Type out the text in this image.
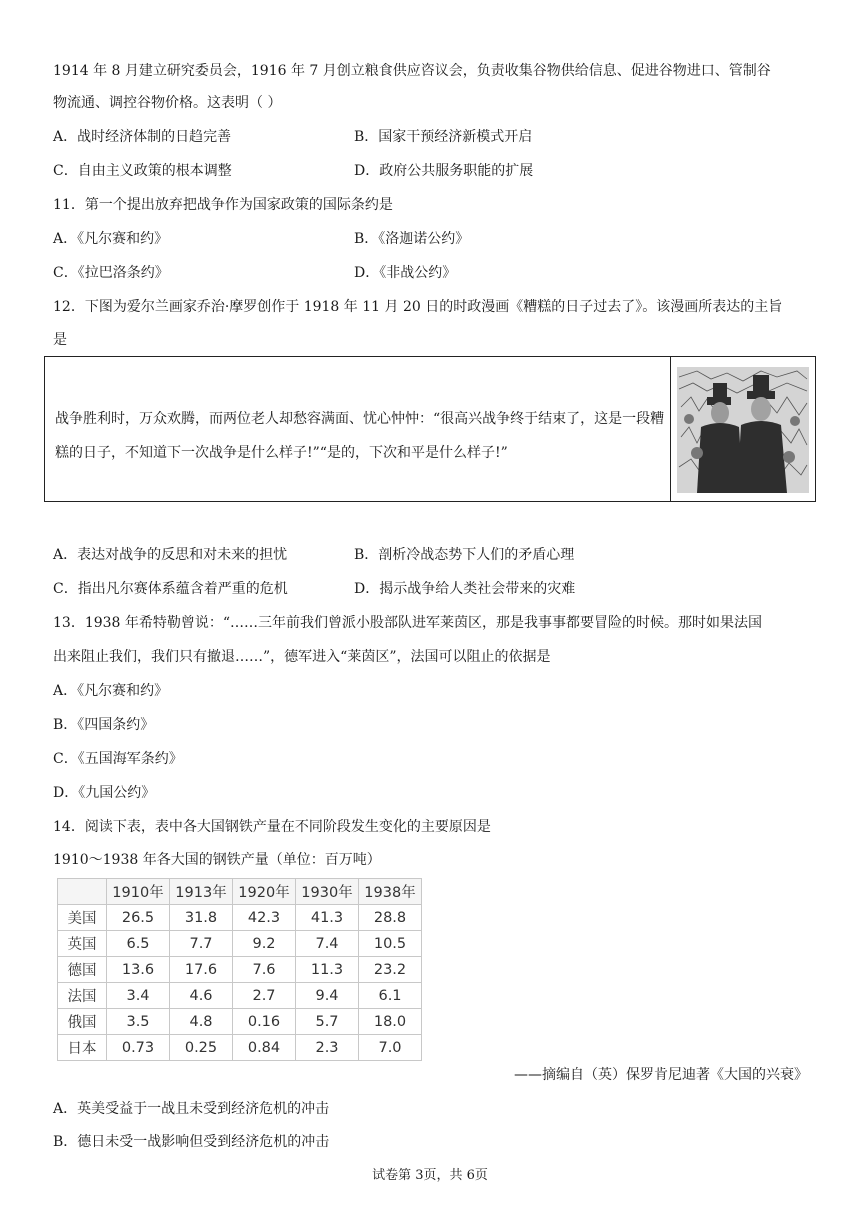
1914 年 8 月建立研究委员会，1916 年 7 月创立粮食供应咨议会，负责收集谷物供给信息、促进谷物进口、管制谷
物流通、调控谷物价格。这表明（ ）
A．战时经济体制的日趋完善	B．国家干预经济新模式开启
C．自由主义政策的根本调整	D．政府公共服务职能的扩展
11．第一个提出放弃把战争作为国家政策的国际条约是
A．《凡尔赛和约》	B．《洛迦诺公约》
C．《拉巴洛条约》	D．《非战公约》
12．下图为爱尔兰画家乔治·摩罗创作于 1918 年 11 月 20 日的时政漫画《糟糕的日子过去了》。该漫画所表达的主旨
是
战争胜利时，万众欢腾，而两位老人却愁容满面、忧心忡忡：“很高兴战争终于结束了，这是一段糟糕的日子，不知道下一次战争是什么样子!”“是的，下次和平是什么样子!”
A．表达对战争的反思和对未来的担忧	B．剖析冷战态势下人们的矛盾心理
C．指出凡尔赛体系蕴含着严重的危机	D．揭示战争给人类社会带来的灾难
13．1938 年希特勒曾说：“……三年前我们曾派小股部队进军莱茵区，那是我事事都要冒险的时候。那时如果法国
出来阻止我们，我们只有撤退……”，德军进入“莱茵区”，法国可以阻止的依据是
A．《凡尔赛和约》
B．《四国条约》
C．《五国海军条约》
D．《九国公约》
14．阅读下表，表中各大国钢铁产量在不同阶段发生变化的主要原因是
1910～1938 年各大国的钢铁产量（单位：百万吨）
	1910年	1913年	1920年	1930年	1938年
美国	26.5	31.8	42.3	41.3	28.8
英国	6.5	7.7	9.2	7.4	10.5
德国	13.6	17.6	7.6	11.3	23.2
法国	3.4	4.6	2.7	9.4	6.1
俄国	3.5	4.8	0.16	5.7	18.0
日本	0.73	0.25	0.84	2.3	7.0
——摘编自（英）保罗肯尼迪著《大国的兴衰》
A．英美受益于一战且未受到经济危机的冲击
B．德日未受一战影响但受到经济危机的冲击
试卷第 3页，共 6页
